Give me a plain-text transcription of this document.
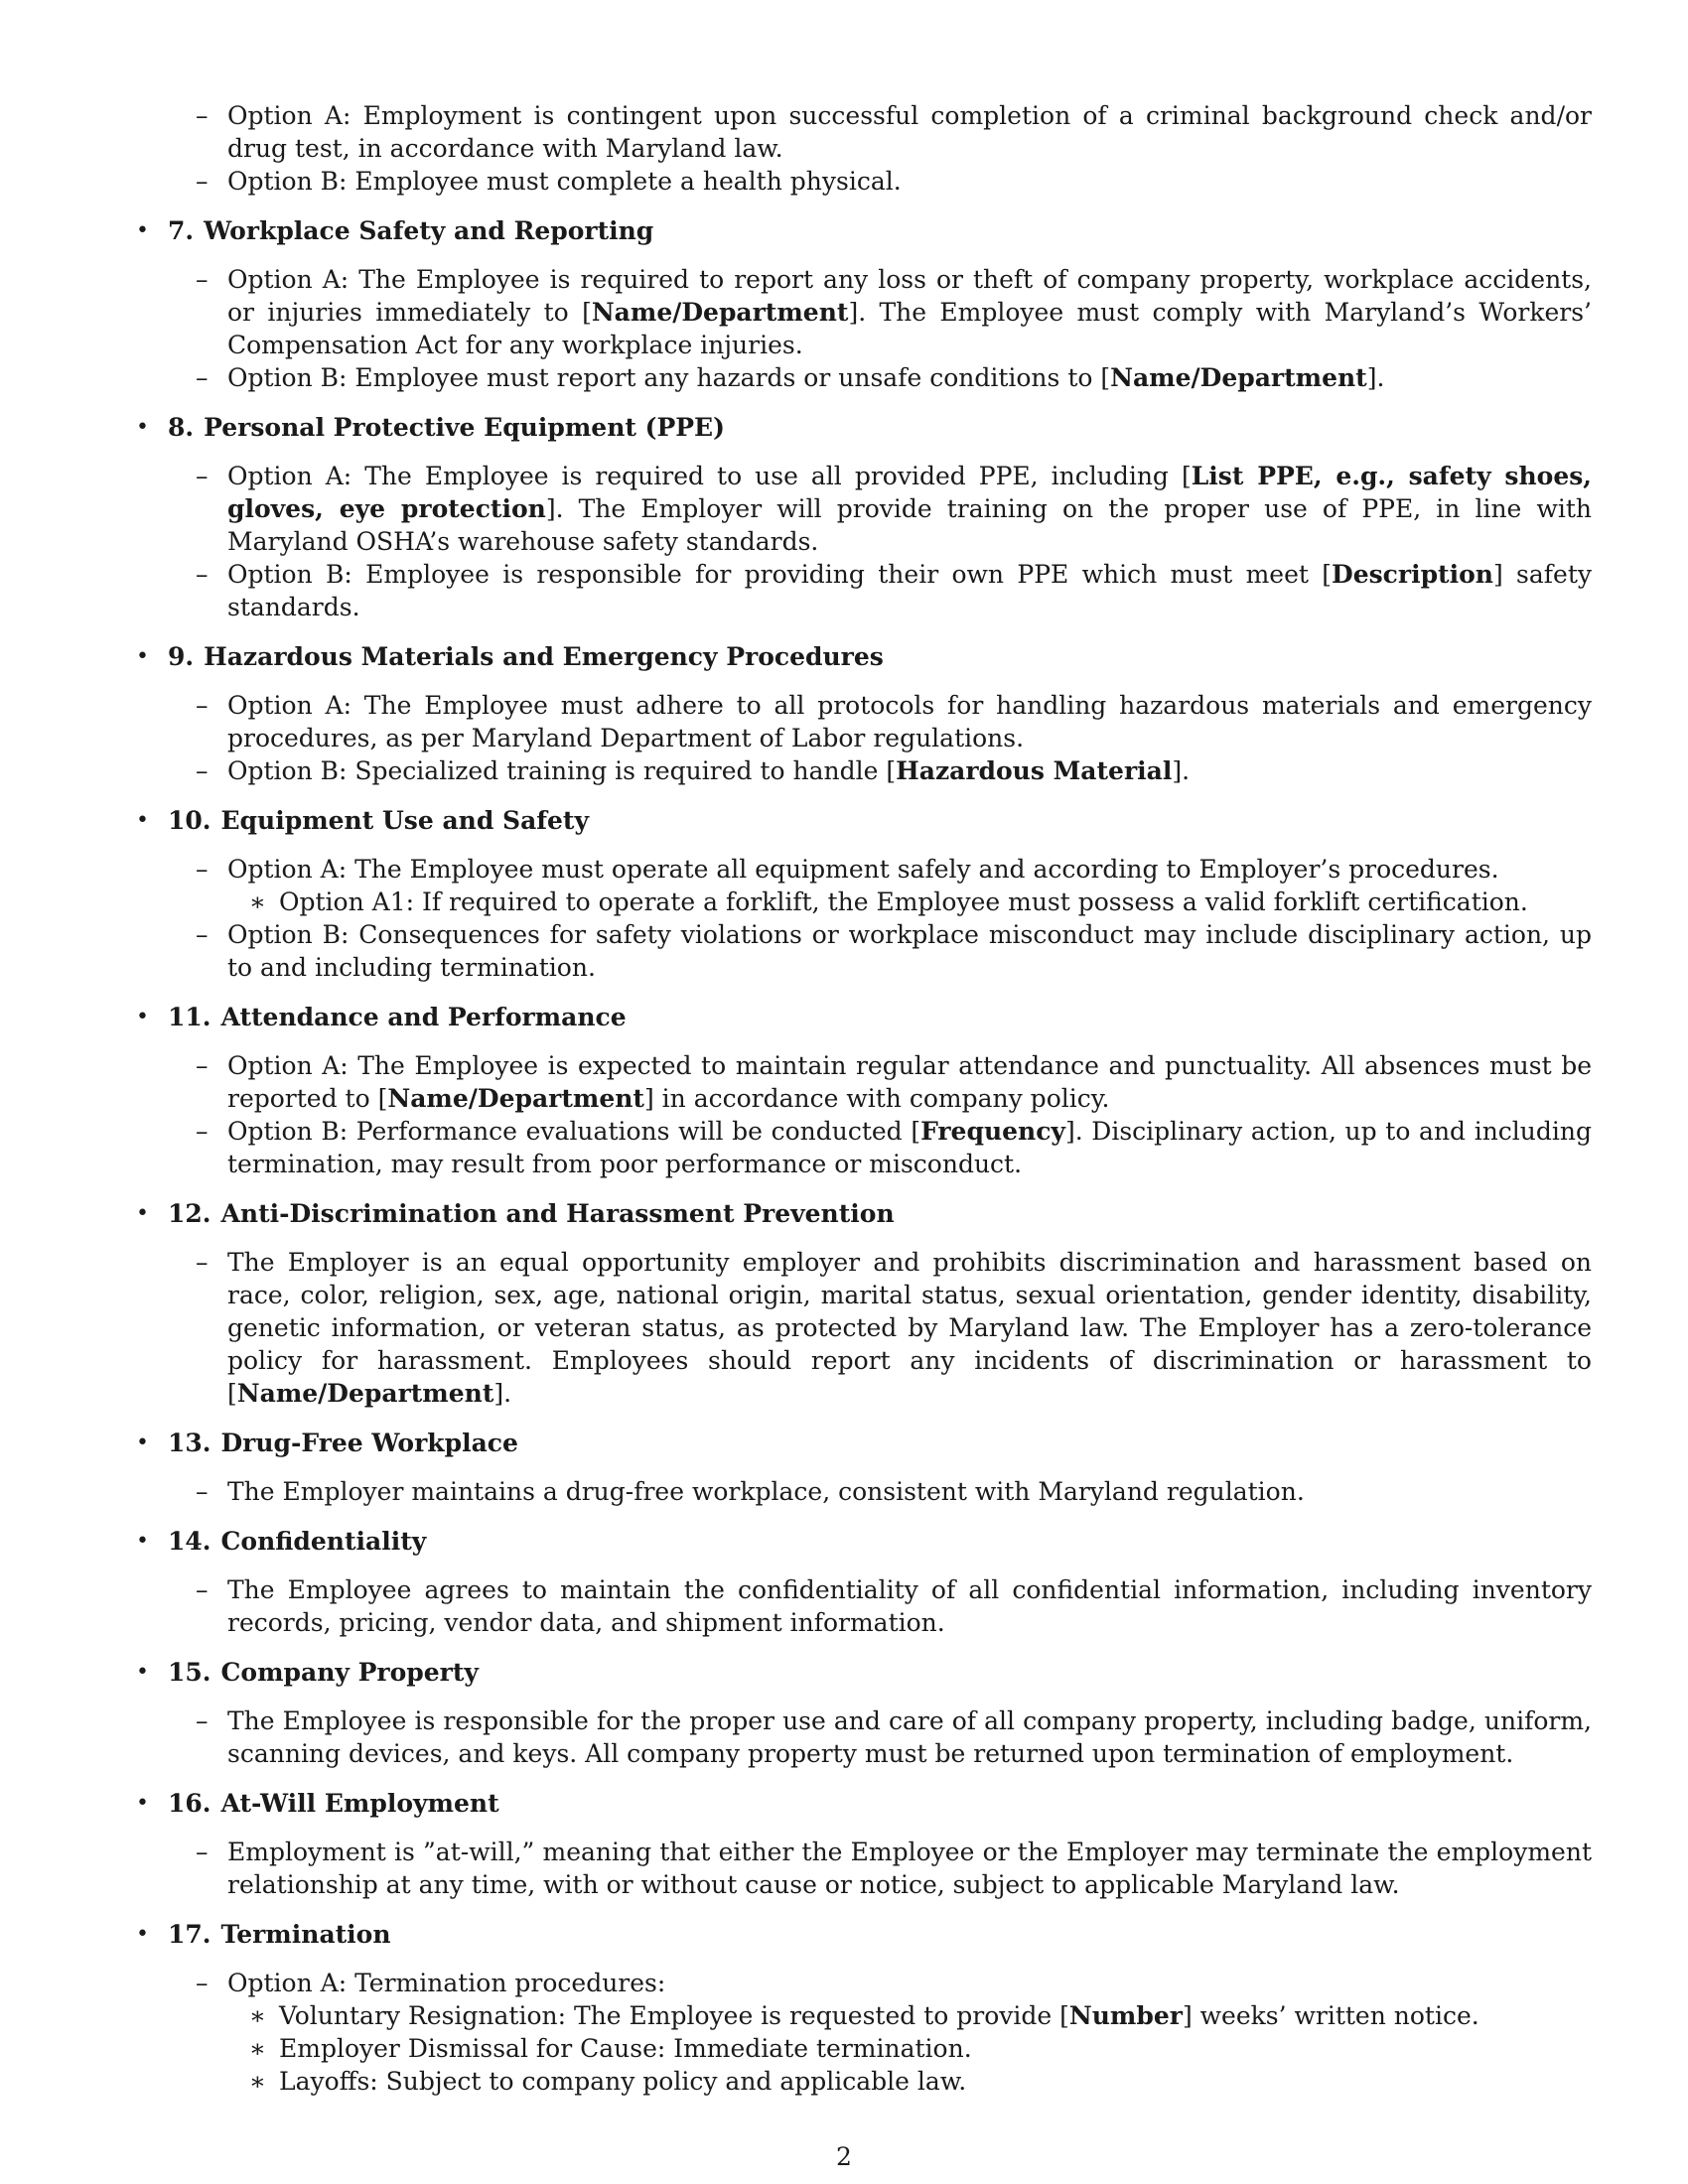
– Option A: Employment is contingent upon successful completion of a criminal background check and/or drug test, in accordance with Maryland law.
– Option B: Employee must complete a health physical.
• 7. Workplace Safety and Reporting

– Option A: The Employee is required to report any loss or theft of company property, workplace accidents, or injuries immediately to [Name/Department]. The Employee must comply with Maryland’s Workers’ Compensation Act for any workplace injuries.
– Option B: Employee must report any hazards or unsafe conditions to [Name/Department].
• 8. Personal Protective Equipment (PPE)

– Option A: The Employee is required to use all provided PPE, including [List PPE, e.g., safety shoes, gloves, eye protection]. The Employer will provide training on the proper use of PPE, in line with Maryland OSHA’s warehouse safety standards.
– Option B: Employee is responsible for providing their own PPE which must meet [Description] safety standards.
• 9. Hazardous Materials and Emergency Procedures

– Option A: The Employee must adhere to all protocols for handling hazardous materials and emergency procedures, as per Maryland Department of Labor regulations.
– Option B: Specialized training is required to handle [Hazardous Material].
• 10. Equipment Use and Safety

– Option A: The Employee must operate all equipment safely and according to Employer’s procedures.
∗ Option A1: If required to operate a forklift, the Employee must possess a valid forklift certification.
– Option B: Consequences for safety violations or workplace misconduct may include disciplinary action, up to and including termination.
• 11. Attendance and Performance

– Option A: The Employee is expected to maintain regular attendance and punctuality. All absences must be reported to [Name/Department] in accordance with company policy.
– Option B: Performance evaluations will be conducted [Frequency]. Disciplinary action, up to and including termination, may result from poor performance or misconduct.
• 12. Anti-Discrimination and Harassment Prevention

– The Employer is an equal opportunity employer and prohibits discrimination and harassment based on race, color, religion, sex, age, national origin, marital status, sexual orientation, gender identity, disability, genetic information, or veteran status, as protected by Maryland law. The Employer has a zero-tolerance policy for harassment. Employees should report any incidents of discrimination or harassment to [Name/Department].
• 13. Drug-Free Workplace

– The Employer maintains a drug-free workplace, consistent with Maryland regulation.
• 14. Confidentiality

– The Employee agrees to maintain the confidentiality of all confidential information, including inventory records, pricing, vendor data, and shipment information.
• 15. Company Property

– The Employee is responsible for the proper use and care of all company property, including badge, uniform, scanning devices, and keys. All company property must be returned upon termination of employment.
• 16. At-Will Employment

– Employment is ”at-will,” meaning that either the Employee or the Employer may terminate the employment relationship at any time, with or without cause or notice, subject to applicable Maryland law.
• 17. Termination

– Option A: Termination procedures:
∗ Voluntary Resignation: The Employee is requested to provide [Number] weeks’ written notice.
∗ Employer Dismissal for Cause: Immediate termination.
∗ Layoffs: Subject to company policy and applicable law.
2
